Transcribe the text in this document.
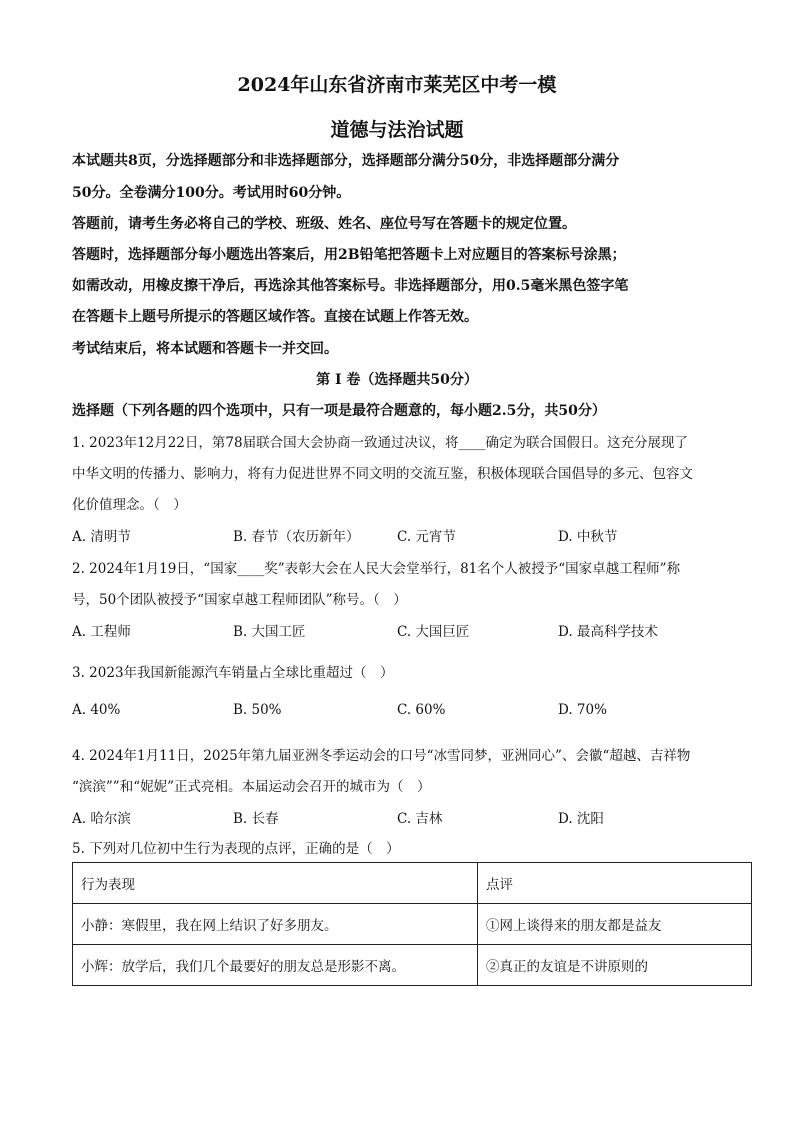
2024年山东省济南市莱芜区中考一模
道德与法治试题
本试题共8页，分选择题部分和非选择题部分，选择题部分满分50分，非选择题部分满分
50分。全卷满分100分。考试用时60分钟。
答题前，请考生务必将自己的学校、班级、姓名、座位号写在答题卡的规定位置。
答题时，选择题部分每小题选出答案后，用2B铅笔把答题卡上对应题目的答案标号涂黑；
如需改动，用橡皮擦干净后，再选涂其他答案标号。非选择题部分，用0.5毫米黑色签字笔
在答题卡上题号所提示的答题区域作答。直接在试题上作答无效。
考试结束后，将本试题和答题卡一并交回。
第 I 卷（选择题共50分）
选择题（下列各题的四个选项中，只有一项是最符合题意的，每小题2.5分，共50分）
1. 2023年12月22日，第78届联合国大会协商一致通过决议，将____确定为联合国假日。这充分展现了
中华文明的传播力、影响力，将有力促进世界不同文明的交流互鉴，积极体现联合国倡导的多元、包容文
化价值理念。（　）
A. 清明节	B. 春节（农历新年）	C. 元宵节	D. 中秋节
2. 2024年1月19日，“国家____奖”表彰大会在人民大会堂举行，81名个人被授予“国家卓越工程师”称
号，50个团队被授予“国家卓越工程师团队”称号。（　）
A. 工程师	B. 大国工匠	C. 大国巨匠	D. 最高科学技术
3. 2023年我国新能源汽车销量占全球比重超过（　）
A. 40%	B. 50%	C. 60%	D. 70%
4. 2024年1月11日，2025年第九届亚洲冬季运动会的口号“冰雪同梦，亚洲同心”、会徽“超越、吉祥物
“滨滨””和“妮妮”正式亮相。本届运动会召开的城市为（　）
A. 哈尔滨	B. 长春	C. 吉林	D. 沈阳
5. 下列对几位初中生行为表现的点评，正确的是（　）
行为表现	点评
小静：寒假里，我在网上结识了好多朋友。	①网上谈得来的朋友都是益友
小辉：放学后，我们几个最要好的朋友总是形影不离。	②真正的友谊是不讲原则的
